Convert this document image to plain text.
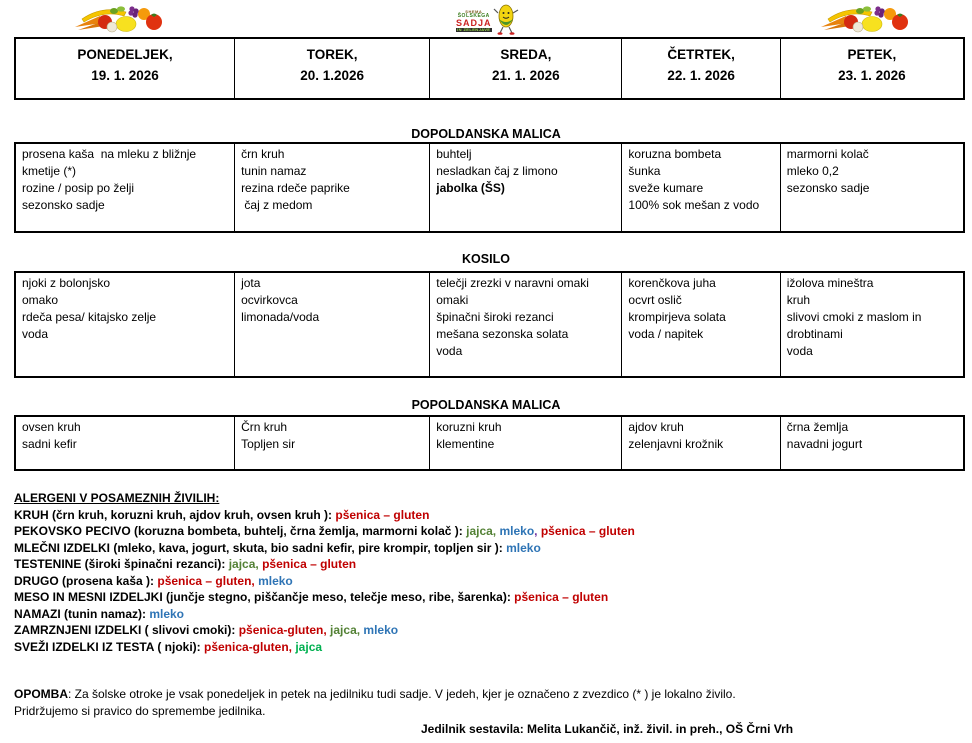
SHEMA
ŠOLSKEGA
SADJA
IN ZELENJAVE
PONEDELJEK,
19. 1. 2026
TOREK,
20. 1.2026
SREDA,
21. 1. 2026
ČETRTEK,
22. 1. 2026
PETEK,
23. 1. 2026
DOPOLDANSKA MALICA
prosena kaša  na mleku z bližnje
kmetije (*)
rozine / posip po želji
sezonsko sadje
črn kruh
tunin namaz
rezina rdeče paprike
čaj z medom
buhtelj
nesladkan čaj z limono
jabolka (ŠS)
koruzna bombeta
šunka
sveže kumare
100% sok mešan z vodo
marmorni kolač
mleko 0,2
sezonsko sadje
KOSILO
njoki z bolonjsko
omako
rdeča pesa/ kitajsko zelje
voda
jota
ocvirkovca
limonada/voda
telečji zrezki v naravni omaki
omaki
špinačni široki rezanci
mešana sezonska solata
voda
korenčkova juha
ocvrt oslič
krompirjeva solata
voda / napitek
ižolova mineštra
kruh
slivovi cmoki z maslom in
drobtinami
voda
POPOLDANSKA MALICA
ovsen kruh
sadni kefir
Črn kruh
Topljen sir
koruzni kruh
klementine
ajdov kruh
zelenjavni krožnik
črna žemlja
navadni jogurt
ALERGENI V POSAMEZNIH ŽIVILIH:
KRUH (črn kruh, koruzni kruh, ajdov kruh, ovsen kruh ): pšenica – gluten
PEKOVSKO PECIVO (koruzna bombeta, buhtelj, črna žemlja, marmorni kolač ): jajca, mleko, pšenica – gluten
MLEČNI IZDELKI (mleko, kava, jogurt, skuta, bio sadni kefir, pire krompir, topljen sir ): mleko
TESTENINE (široki špinačni rezanci): jajca, pšenica – gluten
DRUGO (prosena kaša ): pšenica – gluten, mleko
MESO IN MESNI IZDELJKI (junčje stegno, piščančje meso, telečje meso, ribe, šarenka): pšenica – gluten
NAMAZI (tunin namaz): mleko
ZAMRZNJENI IZDELKI ( slivovi cmoki): pšenica-gluten, jajca, mleko
SVEŽI IZDELKI IZ TESTA ( njoki): pšenica-gluten, jajca
OPOMBA: Za šolske otroke je vsak ponedeljek in petek na jedilniku tudi sadje. V jedeh, kjer je označeno z zvezdico (* ) je lokalno živilo.
Pridržujemo si pravico do spremembe jedilnika.
Jedilnik sestavila: Melita Lukančič, inž. živil. in preh., OŠ Črni Vrh
